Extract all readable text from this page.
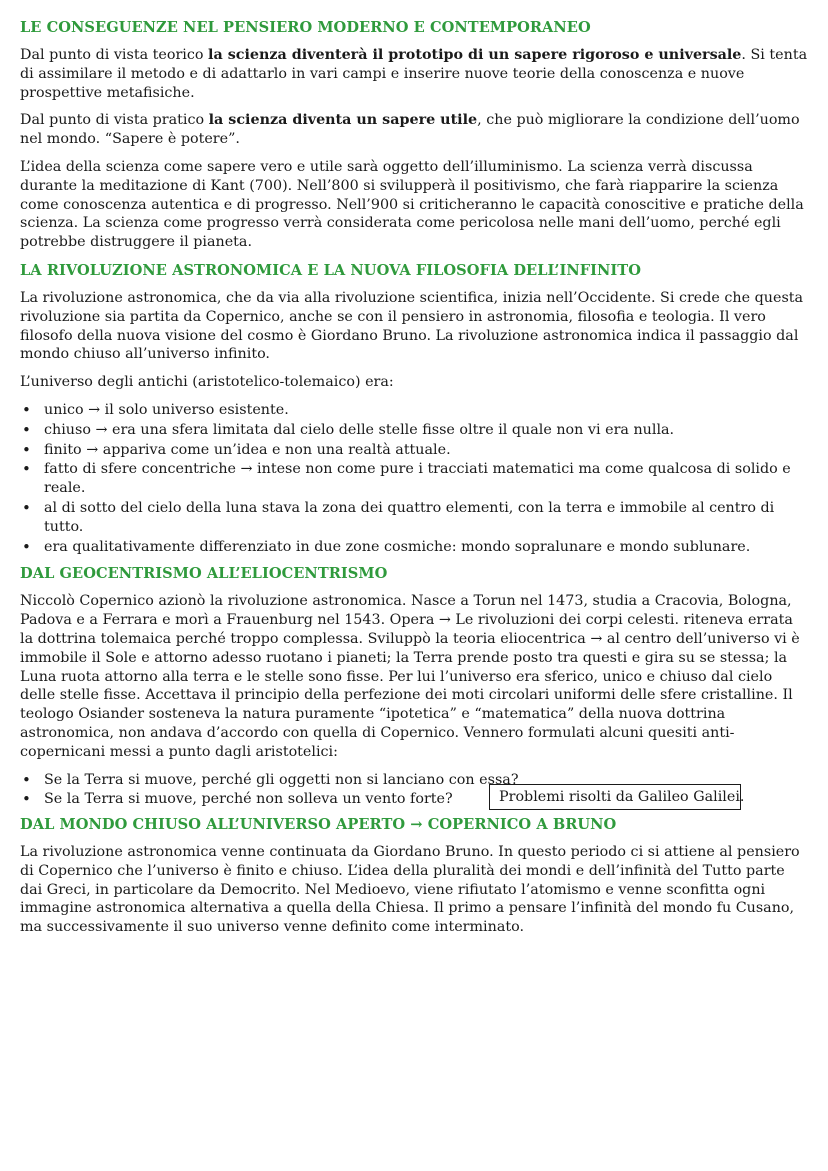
LE CONSEGUENZE NEL PENSIERO MODERNO E CONTEMPORANEO

Dal punto di vista teorico la scienza diventerà il prototipo di un sapere rigoroso e universale. Si tenta di assimilare il metodo e di adattarlo in vari campi e inserire nuove teorie della conoscenza e nuove prospettive metafisiche.

Dal punto di vista pratico la scienza diventa un sapere utile, che può migliorare la condizione dell’uomo nel mondo. “Sapere è potere”.

L’idea della scienza come sapere vero e utile sarà oggetto dell’illuminismo. La scienza verrà discussa durante la meditazione di Kant (700). Nell’800 si svilupperà il positivismo, che farà riapparire la scienza come conoscenza autentica e di progresso. Nell’900 si criticheranno le capacità conoscitive e pratiche della scienza. La scienza come progresso verrà considerata come pericolosa nelle mani dell’uomo, perché egli potrebbe distruggere il pianeta.

LA RIVOLUZIONE ASTRONOMICA E LA NUOVA FILOSOFIA DELL’INFINITO

La rivoluzione astronomica, che da via alla rivoluzione scientifica, inizia nell’Occidente. Si crede che questa rivoluzione sia partita da Copernico, anche se con il pensiero in astronomia, filosofia e teologia. Il vero filosofo della nuova visione del cosmo è Giordano Bruno. La rivoluzione astronomica indica il passaggio dal mondo chiuso all’universo infinito.

L’universo degli antichi (aristotelico-tolemaico) era:

• unico → il solo universo esistente.
• chiuso → era una sfera limitata dal cielo delle stelle fisse oltre il quale non vi era nulla.
• finito → appariva come un’idea e non una realtà attuale.
• fatto di sfere concentriche → intese non come pure i tracciati matematici ma come qualcosa di solido e reale.
• al di sotto del cielo della luna stava la zona dei quattro elementi, con la terra e immobile al centro di tutto.
• era qualitativamente differenziato in due zone cosmiche: mondo sopralunare e mondo sublunare.
DAL GEOCENTRISMO ALL’ELIOCENTRISMO

Niccolò Copernico azionò la rivoluzione astronomica. Nasce a Torun nel 1473, studia a Cracovia, Bologna, Padova e a Ferrara e morì a Frauenburg nel 1543. Opera → Le rivoluzioni dei corpi celesti. riteneva errata la dottrina tolemaica perché troppo complessa. Sviluppò la teoria eliocentrica → al centro dell’universo vi è immobile il Sole e attorno adesso ruotano i pianeti; la Terra prende posto tra questi e gira su se stessa; la Luna ruota attorno alla terra e le stelle sono fisse. Per lui l’universo era sferico, unico e chiuso dal cielo delle stelle fisse. Accettava il principio della perfezione dei moti circolari uniformi delle sfere cristalline. Il teologo Osiander sosteneva la natura puramente “ipotetica” e “matematica” della nuova dottrina astronomica, non andava d’accordo con quella di Copernico. Vennero formulati alcuni quesiti anti-copernicani messi a punto dagli aristotelici:

• Se la Terra si muove, perché gli oggetti non si lanciano con essa?
• Se la Terra si muove, perché non solleva un vento forte?	Problemi risolti da Galileo Galilei.
DAL MONDO CHIUSO ALL’UNIVERSO APERTO → COPERNICO A BRUNO

La rivoluzione astronomica venne continuata da Giordano Bruno. In questo periodo ci si attiene al pensiero di Copernico che l’universo è finito e chiuso. L’idea della pluralità dei mondi e dell’infinità del Tutto parte dai Greci, in particolare da Democrito. Nel Medioevo, viene rifiutato l’atomismo e venne sconfitta ogni immagine astronomica alternativa a quella della Chiesa. Il primo a pensare l’infinità del mondo fu Cusano, ma successivamente il suo universo venne definito come interminato.
